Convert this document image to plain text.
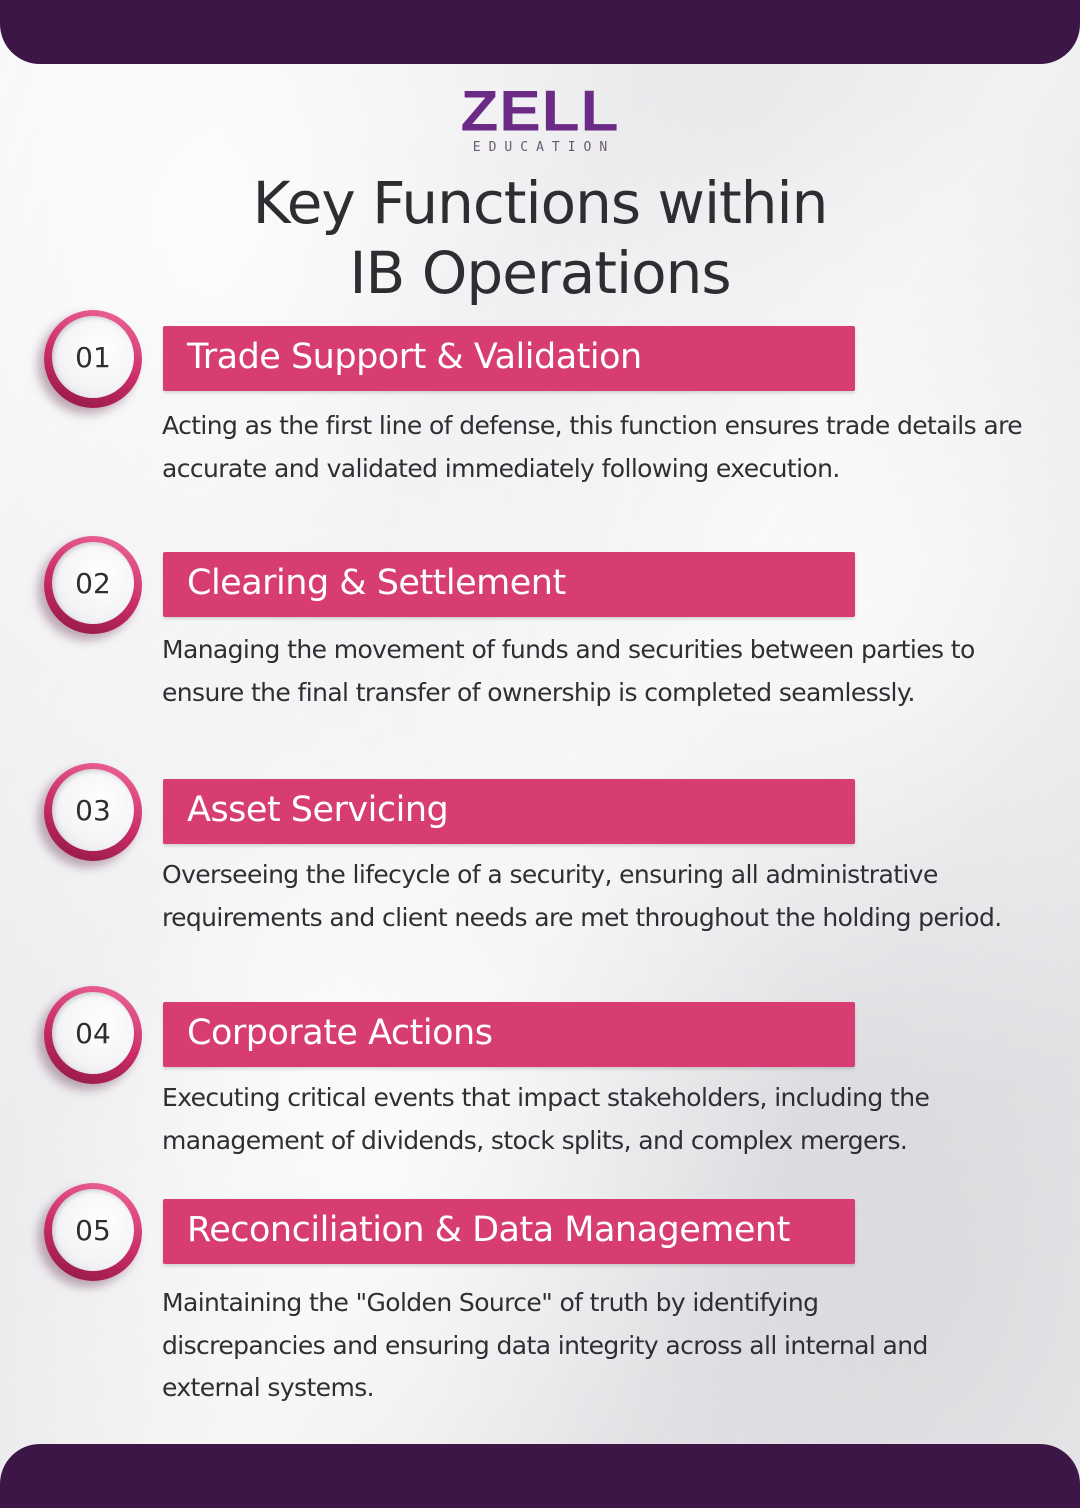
ZELL
EDUCATION
Key Functions within
IB Operations
01	Trade Support & Validation
Acting as the first line of defense, this function ensures trade details are accurate and validated immediately following execution.
02	Clearing & Settlement
Managing the movement of funds and securities between parties to ensure the final transfer of ownership is completed seamlessly.
03	Asset Servicing
Overseeing the lifecycle of a security, ensuring all administrative requirements and client needs are met throughout the holding period.
04	Corporate Actions
Executing critical events that impact stakeholders, including the management of dividends, stock splits, and complex mergers.
05	Reconciliation & Data Management
Maintaining the "Golden Source" of truth by identifying discrepancies and ensuring data integrity across all internal and external systems.
